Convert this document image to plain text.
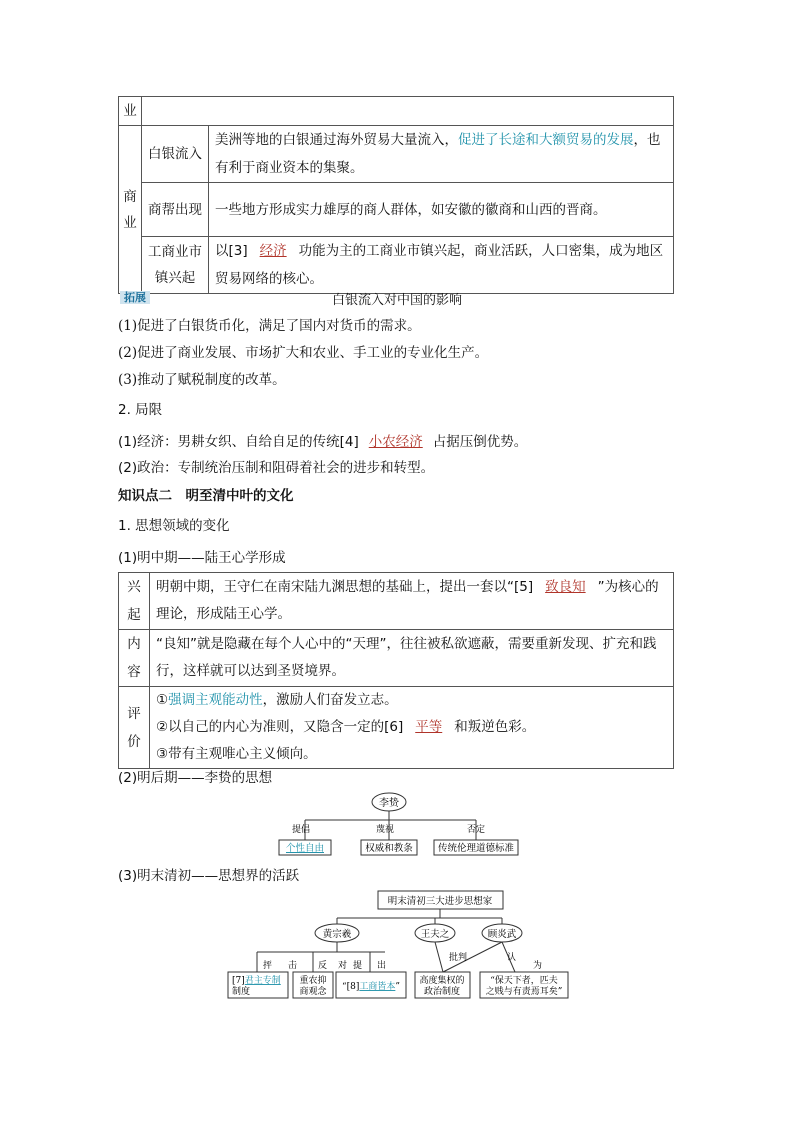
业		
商业	白银流入	美洲等地的白银通过海外贸易大量流入，促进了长途和大额贸易的发展，也有利于商业资本的集聚。
	商帮出现	一些地方形成实力雄厚的商人群体，如安徽的徽商和山西的晋商。
	工商业市镇兴起	以[3] 经济 功能为主的工商业市镇兴起，商业活跃，人口密集，成为地区贸易网络的核心。
拓展	白银流入对中国的影响
(1)促进了白银货币化，满足了国内对货币的需求。
(2)促进了商业发展、市场扩大和农业、手工业的专业化生产。
(3)推动了赋税制度的改革。
2. 局限
(1)经济：男耕女织、自给自足的传统[4] 小农经济 占据压倒优势。
(2)政治：专制统治压制和阻碍着社会的进步和转型。
知识点二　明至清中叶的文化
1. 思想领域的变化
(1)明中期——陆王心学形成
兴起	明朝中期，王守仁在南宋陆九渊思想的基础上，提出一套以“[5] 致良知 ”为核心的理论，形成陆王心学。
内容	“良知”就是隐藏在每个人心中的“天理”，往往被私欲遮蔽，需要重新发现、扩充和践行，这样就可以达到圣贤境界。
评价	①强调主观能动性，激励人们奋发立志。
②以自己的内心为准则，又隐含一定的[6] 平等 和叛逆色彩。
③带有主观唯心主义倾向。
(2)明后期——李贽的思想
李贽
提倡	蔑视	否定
个性自由	权威和教条	传统伦理道德标准
(3)明末清初——思想界的活跃
明末清初三大进步思想家
黄宗羲	王夫之	顾炎武
抨 击 反 对 提 出
批判	认
为
[7]君主专制
制度
重农抑
商观念 “[8]工商皆本”
高度集权的
政治制度
“保天下者，匹夫
之贱与有责焉耳矣”
